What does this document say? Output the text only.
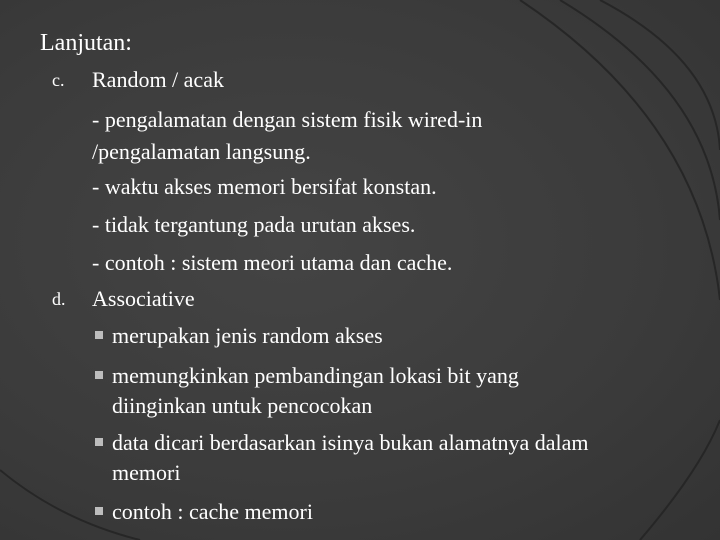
Lanjutan:
c. Random / acak
- pengalamatan dengan sistem fisik wired-in
/pengalamatan langsung.
- waktu akses memori bersifat konstan.
- tidak tergantung pada urutan akses.
- contoh : sistem meori utama dan cache.
d. Associative
merupakan jenis random akses
memungkinkan pembandingan lokasi bit yang
diinginkan untuk pencocokan
data dicari berdasarkan isinya bukan alamatnya dalam
memori
contoh : cache memori
